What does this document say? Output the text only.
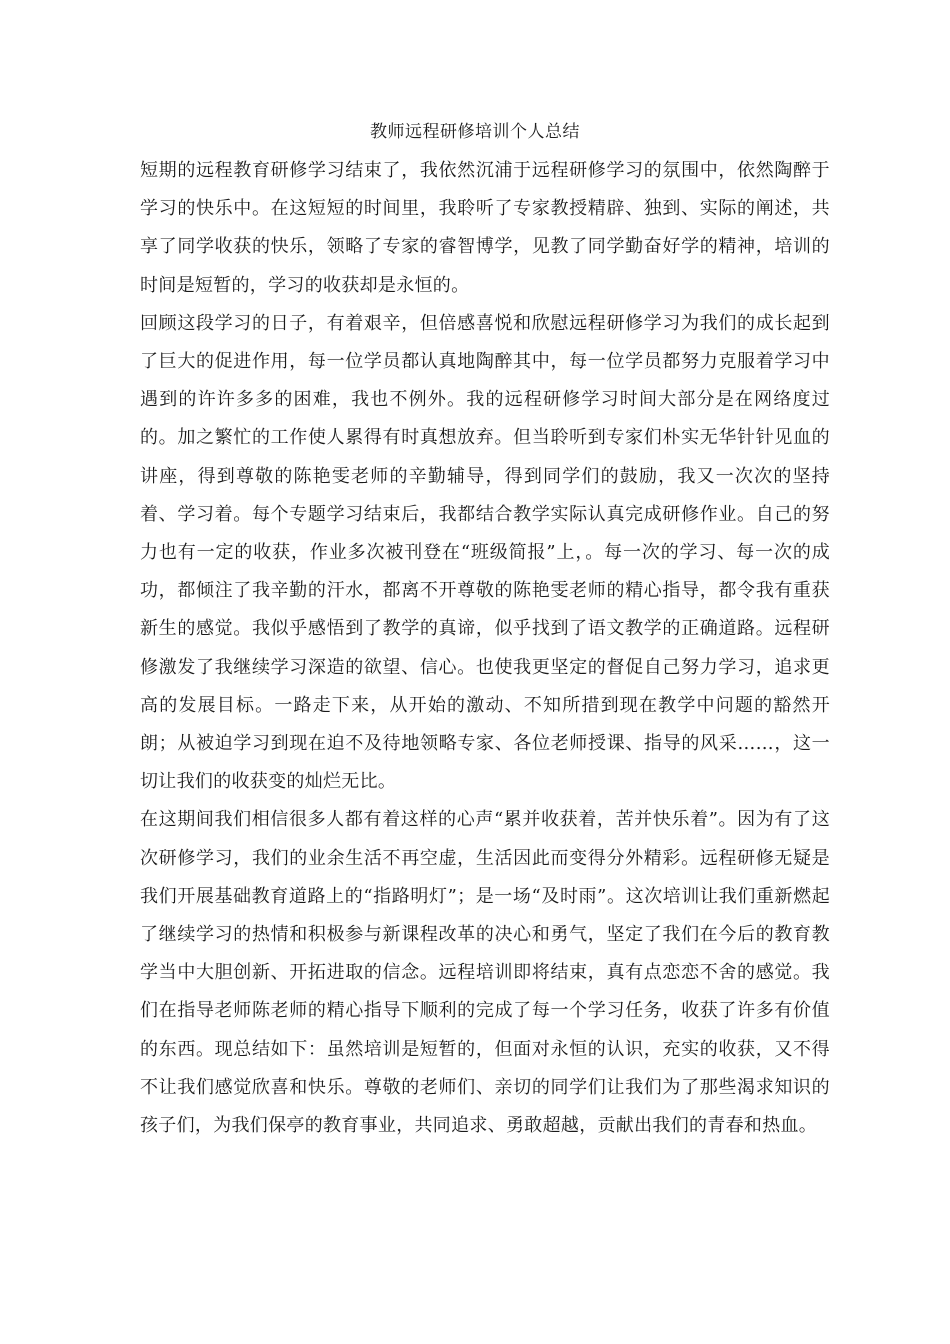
教师远程研修培训个人总结

短期的远程教育研修学习结束了，我依然沉浦于远程研修学习的氛围中，依然陶醉于学习的快乐中。在这短短的时间里，我聆听了专家教授精辟、独到、实际的阐述，共享了同学收获的快乐，领略了专家的睿智博学，见教了同学勤奋好学的精神，培训的时间是短暂的，学习的收获却是永恒的。

回顾这段学习的日子，有着艰辛，但倍感喜悦和欣慰远程研修学习为我们的成长起到了巨大的促进作用，每一位学员都认真地陶醉其中，每一位学员都努力克服着学习中遇到的许许多多的困难，我也不例外。我的远程研修学习时间大部分是在网络度过的。加之繁忙的工作使人累得有时真想放弃。但当聆听到专家们朴实无华针针见血的讲座，得到尊敬的陈艳雯老师的辛勤辅导，得到同学们的鼓励，我又一次次的坚持着、学习着。每个专题学习结束后，我都结合教学实际认真完成研修作业。自己的努力也有一定的收获，作业多次被刊登在“班级简报”上，。每一次的学习、每一次的成功，都倾注了我辛勤的汗水，都离不开尊敬的陈艳雯老师的精心指导，都令我有重获新生的感觉。我似乎感悟到了教学的真谛，似乎找到了语文教学的正确道路。远程研修激发了我继续学习深造的欲望、信心。也使我更坚定的督促自己努力学习，追求更高的发展目标。一路走下来，从开始的激动、不知所措到现在教学中问题的豁然开朗；从被迫学习到现在迫不及待地领略专家、各位老师授课、指导的风采……，这一切让我们的收获变的灿烂无比。

在这期间我们相信很多人都有着这样的心声“累并收获着，苦并快乐着”。因为有了这次研修学习，我们的业余生活不再空虚，生活因此而变得分外精彩。远程研修无疑是我们开展基础教育道路上的“指路明灯”；是一场“及时雨”。这次培训让我们重新燃起了继续学习的热情和积极参与新课程改革的决心和勇气，坚定了我们在今后的教育教学当中大胆创新、开拓进取的信念。远程培训即将结束，真有点恋恋不舍的感觉。我们在指导老师陈老师的精心指导下顺利的完成了每一个学习任务，收获了许多有价值的东西。现总结如下：虽然培训是短暂的，但面对永恒的认识，充实的收获，又不得不让我们感觉欣喜和快乐。尊敬的老师们、亲切的同学们让我们为了那些渴求知识的孩子们，为我们保亭的教育事业，共同追求、勇敢超越，贡献出我们的青春和热血。
